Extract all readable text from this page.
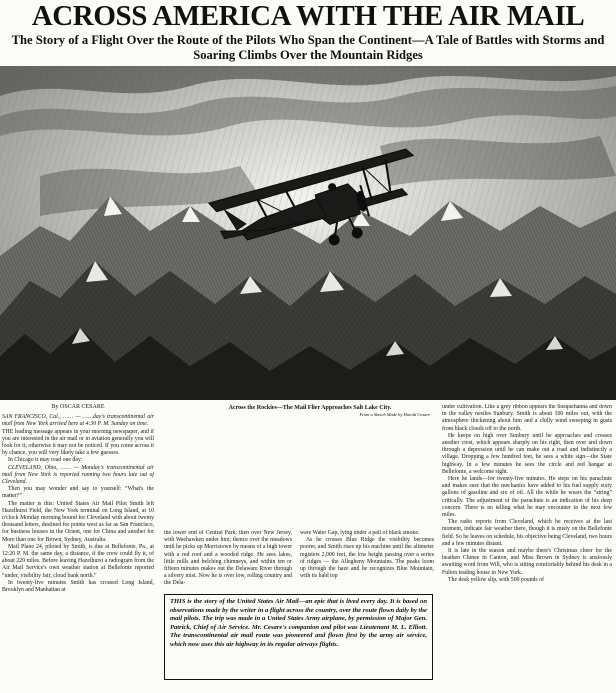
ACROSS AMERICA WITH THE AIR MAIL
The Story of a Flight Over the Route of the Pilots Who Span the Continent—A Tale of Battles with Storms and Soaring Climbs Over the Mountain Ridges
Across the Rockies—The Mail Flier Approaches Salt Lake City.
From a Sketch Made by Harold Cesare
By OSCAR CESARE

SAN FRANCISCO, Cal., …… — ……day's transcontinental air mail from New York arrived here at 4:30 P. M. Sunday on time.

THE leading message appears in your morning newspaper, and if you are interested in the air mail or in aviation generally you will look for it; otherwise it may not be noticed. If you come across it by chance, you will very likely take a few guesses.

In Chicago it may read one day:

CLEVELAND, Ohio, …… — Monday's transcontinental air mail from New York is reported running two hours late out of Cleveland.

Then you may wonder and say to yourself: “What's the matter?”

The matter is this: United States Air Mail Pilot Smith left Hazelhurst Field, the New York terminal on Long Island, at 10 o'clock Monday morning bound for Cleveland with about twenty thousand letters, destined for points west as far as San Francisco, for business houses in the Orient, one for China and another for More than one for Brown, Sydney, Australia.

Mail Plane 24, piloted by Smith, is due at Bellefonte, Pa., at 12:20 P. M. the same day, a distance, if the crew could fly it, of about 220 miles. Before leaving Hazelhurst a radiogram from the Air Mail Service's own weather station at Bellefonte reported “under, visibility fair, cloud bank north.”

In twenty-five minutes Smith has crossed Long Island, Brooklyn and Manhattan at

the lower end of Central Park; then over New Jersey, with Weehawken under him; thence over the meadows until he picks up Morristown by means of a high tower with a red roof and a wooded ridge. He sees lakes, little mills and belching chimneys, and within ten or fifteen minutes makes out the Delaware River through a silvery mist. Now he is over low, rolling country and the Dela-

ware Water Gap, lying under a pall of black smoke.

As he crosses Blue Ridge the visibility becomes poorer, and Smith rises up his machine until the altimeter registers 2,000 feet, the low height passing over a series of ridges — the Allegheny Mountains. The peaks loom up through the haze and he recognizes Blue Mountain, with its bald top

under cultivation. Like a grey ribbon appears the Susquehanna and down in the valley nestles Sunbury. Smith is about 100 miles out, with the atmosphere thickening about him and a chilly wind sweeping in gusts from black clouds off to the north.

He keeps on high over Sunbury until he approaches and crosses another crest, which appears sharply on his right, then over and down through a depression until he can make out a road and indistinctly a village. Dropping a few hundred feet, he sees a white sign—the State highway. In a few minutes he sees the circle and red hangar at Bellefonte, a welcome sight.

Here he lands—for twenty-five minutes. He steps on his parachute and makes sure that the mechanics have added to his fuel supply sixty gallons of gasoline and six of oil. All the while he wears the “string” critically. The adjustment of the parachute is an indication of his deep concern. There is no telling what he may encounter in the next few miles.

The radio reports from Cleveland, which he receives at the last moment, indicate fair weather there, though it is misty on the Bellefonte field. So he leaves on schedule, his objective being Cleveland, two hours and a few minutes distant.

It is late in the season and maybe there's Christmas cheer for the heathen Chinee in Canton, and Miss Brown in Sydney is anxiously awaiting word from Will, who is sitting comfortably behind his desk in a Fulton trading house in New York.

The desk yellow slip, with 500 pounds of

THIS is the story of the United States Air Mail—an epic that is lived every day. It is based on observations made by the writer in a flight across the country, over the route flown daily by the mail pilots. The trip was made in a United States Army airplane, by permission of Major Gen. Patrick, Chief of Air Service. Mr. Cesare's companion and pilot was Lieutenant M. L. Elliott. The transcontinental air mail route was pioneered and flown first by the army air service, which now uses this air highway in its regular airways flights.
